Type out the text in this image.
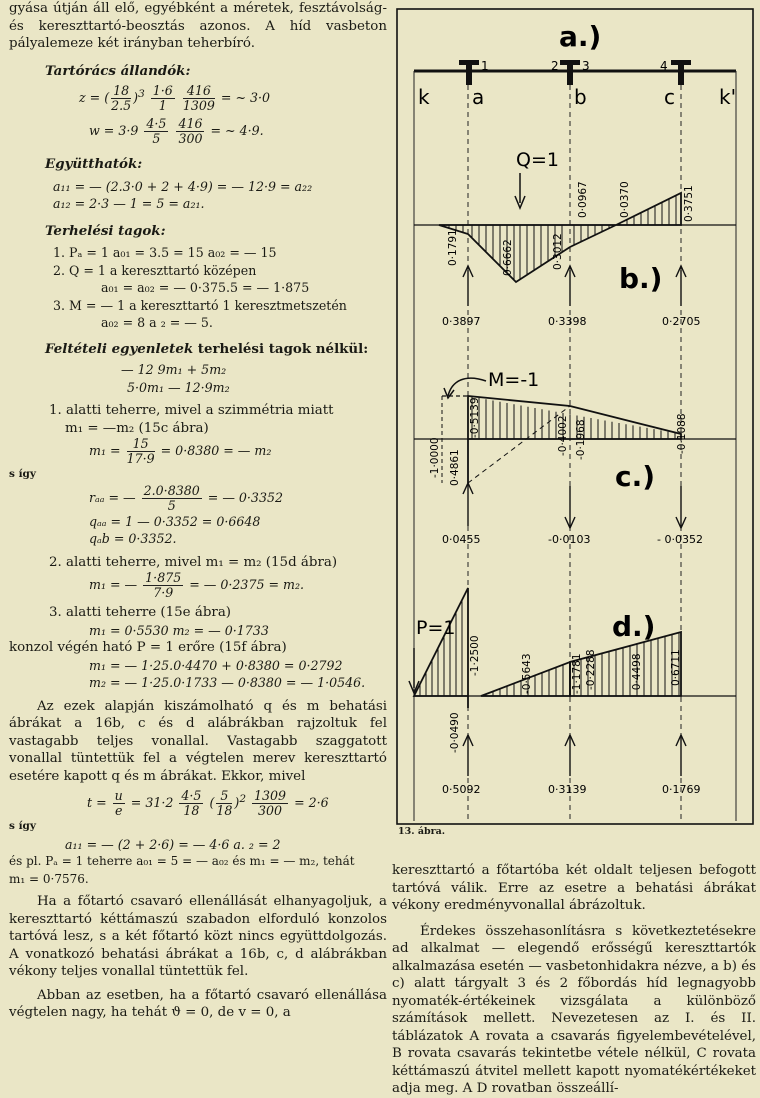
gyása útján áll elő, egyébként a méretek, fesztávolság- és kereszttartó-beosztás azonos. A híd vasbeton pályalemeze két irányban teherbíró.

Tartórács állandók:

z = ( $\frac{18}{2.5} )^3 \frac{1\cdot 6}{1}$
$\frac{416}{1309}$ = ~ 3·0
$w = 3\cdot 9 \frac{4\cdot 5}{5}$
$\frac{416}{300}$ = ~ 4·9.

Együtthatók:

a₁₁ = — (2.3·0 + 2 + 4·9) = — 12·9 = a₂₂

a₁₂ = 2·3 — 1 = 5 = a₂₁.

Terhelési tagok:

1. Pₐ = 1 a₀₁ = 3.5 = 15 a₀₂ = — 15

2. Q = 1 a kereszttartó középen

a₀₁ = a₀₂ = — 0·375.5 = — 1·875

3. M = — 1 a kereszttartó 1 keresztmetszetén

a₀₂ = 8 a ₂ = — 5.

Feltételi egyenletek terhelési tagok nélkül:

— 12 9m₁ + 5m₂

5·0m₁ — 12·9m₂

1. alatti teherre, mivel a szimmétria miatt

m₁ = —m₂ (15c ábra)

$m_1 = \frac{15}{17\cdot 9} = 0\cdot 8380$ = — m₂

s így

rₐₐ = — $\frac{2.0\cdot 8380}{5}$ = — 0·3352

qₐₐ = 1 — 0·3352 = 0·6648

qₐb = 0·3352.

2. alatti teherre, mivel m₁ = m₂ (15d ábra)

m₁ = — $\frac{1\cdot 875}{7\cdot 9}$ = — 0·2375 = m₂.

3. alatti teherre (15e ábra)

m₁ = 0·5530 m₂ = — 0·1733

konzol végén ható P = 1 erőre (15f ábra)

m₁ = — 1·25.0·4470 + 0·8380 = 0·2792

m₂ = — 1·25.0·1733 — 0·8380 = — 1·0546.

Az ezek alapján kiszámolható q és m behatási ábrákat a 16b, c és d alábrákban rajzoltuk fel vastagabb teljes vonallal. Vastagabb szaggatott vonallal tüntettük fel a végtelen merev kereszttartó esetére kapott q és m ábrákat. Ekkor, mivel

$t = \frac{u}{e} = 31\cdot 2 \frac{4\cdot 5}{18}$ ( $\frac{5}{18} )^2 \frac{1309}{300} = 2\cdot 6$

s így

a₁₁ = — (2 + 2·6) = — 4·6 a. ₂ = 2

és pl. Pₐ = 1 teherre a₀₁ = 5 = — a₀₂ és m₁ = — m₂, tehát

m₁ = 0·7576.

Ha a főtartó csavaró ellenállását elhanyagoljuk, a kereszttartó kéttámaszú szabadon elforduló konzolos tartóvá lesz, s a két főtartó közt nincs együttdolgozás. A vonatkozó behatási ábrákat a 16b, c, d alábrákban vékony teljes vonallal tüntettük fel.

Abban az esetben, ha a főtartó csavaró ellenállása végtelen nagy, ha tehát ϑ = 0, de v = 0, a

a.)
1	2 3	4
k a	b	c k'
Q=1
b.)
0·1791	0·6662	0·3012
0·0967	0·0370	0·3751
0·3897	0·3398	0·2705
M=-1
c.)
-1·0000 0·4861
-0·5139	-0·4002 -0·1968	-0·1088
0·0455	-0·0103	- 0·0352
P=1	d.)
-0·0490
-1·2500	-0·5643	-1·1781 -0·2288	-0·4498	0·6711
0·5092	0·3139	0·1769
13. ábra.

kereszttartó a főtartóba két oldalt teljesen befogott tartóvá válik. Erre az esetre a behatási ábrákat vékony eredményvonallal ábrázoltuk.

Érdekes összehasonlításra s következtetésekre ad alkalmat — elegendő erősségű kereszttartók alkalmazása esetén — vasbetonhidakra nézve, a b) és c) alatt tárgyalt 3 és 2 főbordás híd legnagyobb nyomaték-értékeinek vizsgálata a különböző számítások mellett. Nevezetesen az I. és II. táblázatok A rovata a csavarás figyelembevételével, B rovata csavarás tekintetbe vétele nélkül, C rovata kéttámaszú átvitel mellett kapott nyomatékértékeket adja meg. A D rovatban összeállí-
